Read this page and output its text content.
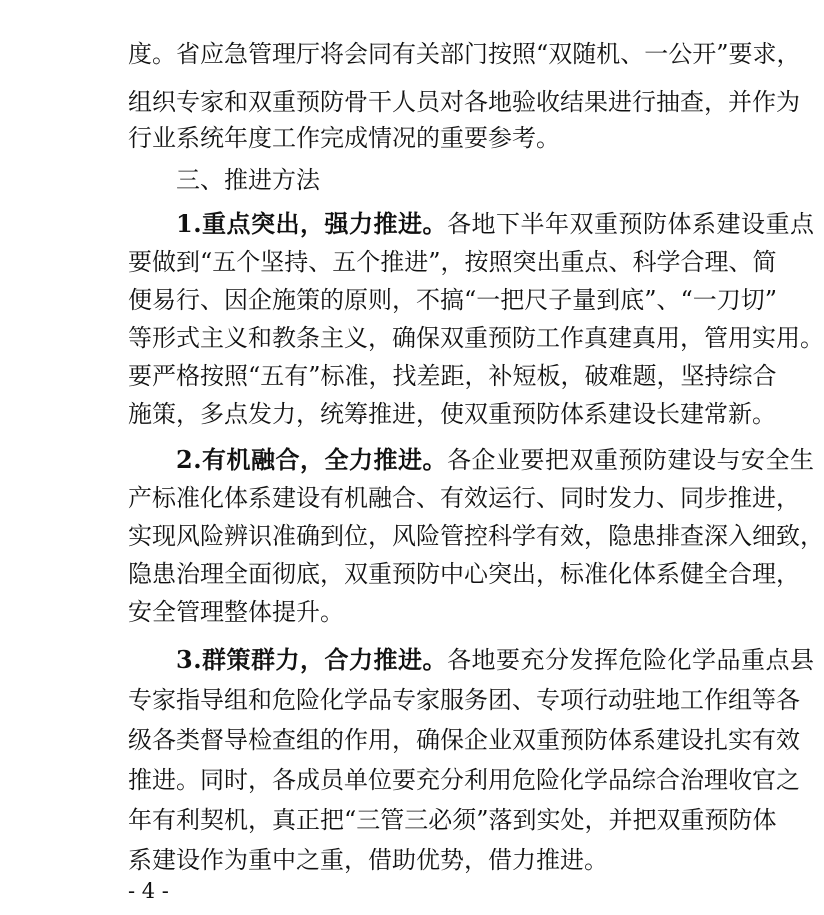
度。省应急管理厅将会同有关部门按照“双随机、一公开”要求，
组织专家和双重预防骨干人员对各地验收结果进行抽查，并作为
行业系统年度工作完成情况的重要参考。
三、推进方法
1.重点突出，强力推进。各地下半年双重预防体系建设重点
要做到“五个坚持、五个推进”，按照突出重点、科学合理、简
便易行、因企施策的原则，不搞“一把尺子量到底”、“一刀切”
等形式主义和教条主义，确保双重预防工作真建真用，管用实用。
要严格按照“五有”标准，找差距，补短板，破难题，坚持综合
施策，多点发力，统筹推进，使双重预防体系建设长建常新。
2.有机融合，全力推进。各企业要把双重预防建设与安全生
产标准化体系建设有机融合、有效运行、同时发力、同步推进，
实现风险辨识准确到位，风险管控科学有效，隐患排查深入细致，
隐患治理全面彻底，双重预防中心突出，标准化体系健全合理，
安全管理整体提升。
3.群策群力，合力推进。各地要充分发挥危险化学品重点县
专家指导组和危险化学品专家服务团、专项行动驻地工作组等各
级各类督导检查组的作用，确保企业双重预防体系建设扎实有效
推进。同时，各成员单位要充分利用危险化学品综合治理收官之
年有利契机，真正把“三管三必须”落到实处，并把双重预防体
系建设作为重中之重，借助优势，借力推进。
- 4 -
